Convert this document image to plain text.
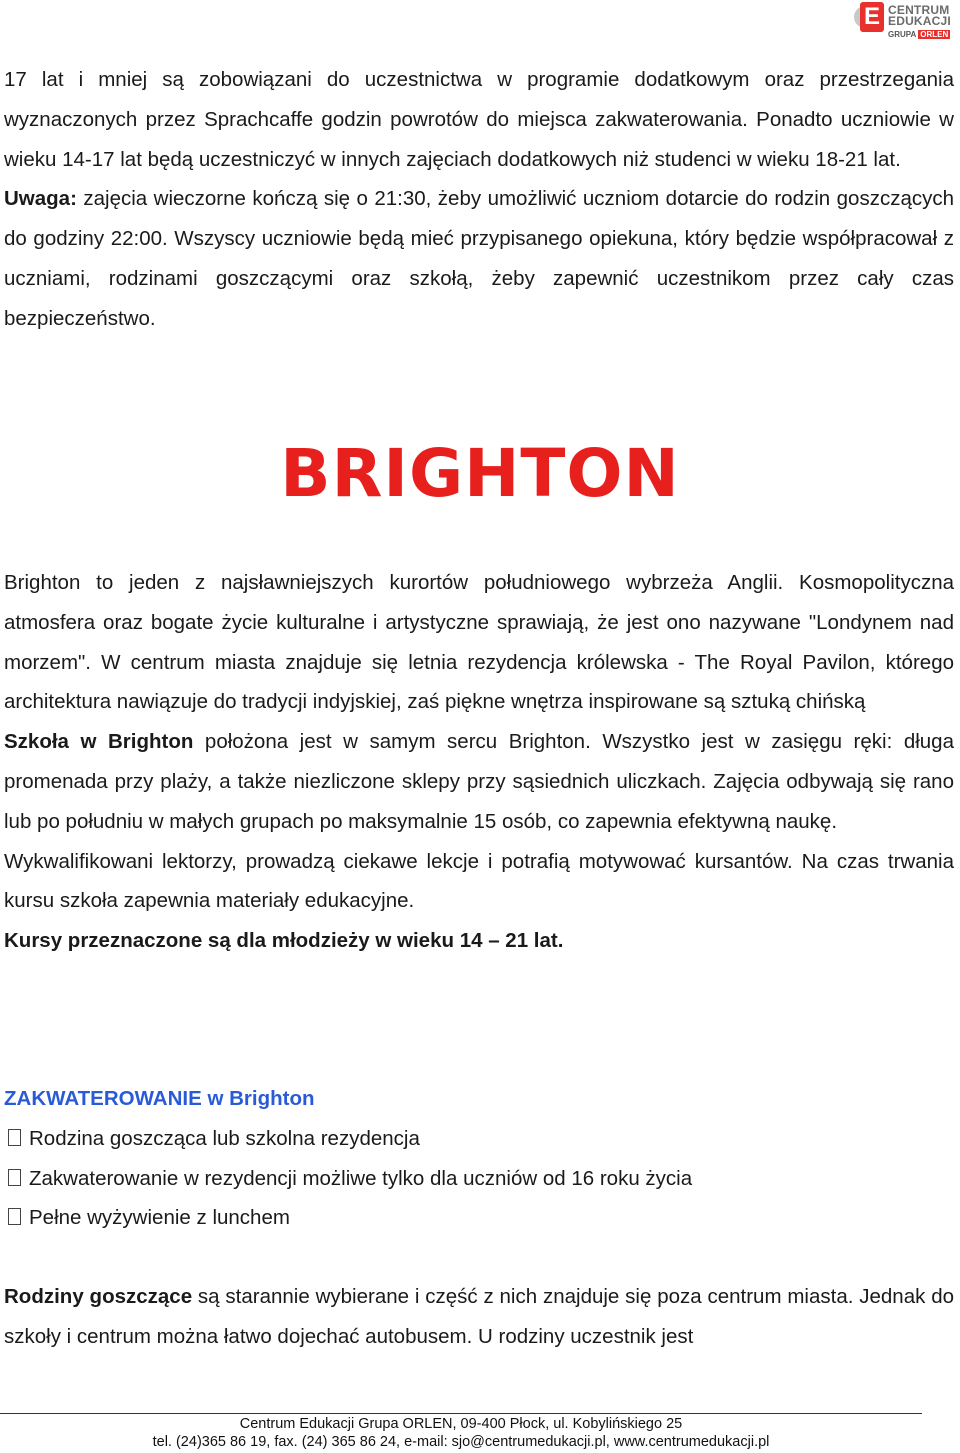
E CENTRUM
EDUKACJI
GRUPA ORLEN

17 lat i mniej są zobowiązani do uczestnictwa w programie dodatkowym oraz przestrzegania wyznaczonych przez Sprachcaffe godzin powrotów do miejsca zakwaterowania. Ponadto uczniowie w wieku 14-17 lat będą uczestniczyć w innych zajęciach dodatkowych niż studenci w wieku 18-21 lat.

Uwaga: zajęcia wieczorne kończą się o 21:30, żeby umożliwić uczniom dotarcie do rodzin goszczących do godziny 22:00. Wszyscy uczniowie będą mieć przypisanego opiekuna, który będzie współpracował z uczniami, rodzinami goszczącymi oraz szkołą, żeby zapewnić uczestnikom przez cały czas bezpieczeństwo.

BRIGHTON

Brighton to jeden z najsławniejszych kurortów południowego wybrzeża Anglii. Kosmopolityczna atmosfera oraz bogate życie kulturalne i artystyczne sprawiają, że jest ono nazywane "Londynem nad morzem". W centrum miasta znajduje się letnia rezydencja królewska - The Royal Pavilon, którego architektura nawiązuje do tradycji indyjskiej, zaś piękne wnętrza inspirowane są sztuką chińską

Szkoła w Brighton położona jest w samym sercu Brighton. Wszystko jest w zasięgu ręki: długa promenada przy plaży, a także niezliczone sklepy przy sąsiednich uliczkach. Zajęcia odbywają się rano lub po południu w małych grupach po maksymalnie 15 osób, co zapewnia efektywną naukę.

Wykwalifikowani lektorzy, prowadzą ciekawe lekcje i potrafią motywować kursantów. Na czas trwania kursu szkoła zapewnia materiały edukacyjne.

Kursy przeznaczone są dla młodzieży w wieku 14 – 21 lat.

ZAKWATEROWANIE w Brighton

Rodzina goszcząca lub szkolna rezydencja

Zakwaterowanie w rezydencji możliwe tylko dla uczniów od 16 roku życia

Pełne wyżywienie z lunchem

Rodziny goszczące są starannie wybierane i część z nich znajduje się poza centrum miasta. Jednak do szkoły i centrum można łatwo dojechać autobusem. U rodziny uczestnik jest

Centrum Edukacji Grupa ORLEN, 09-400 Płock, ul. Kobylińskiego 25
tel. (24)365 86 19, fax. (24) 365 86 24, e-mail: sjo@centrumedukacji.pl, www.centrumedukacji.pl
